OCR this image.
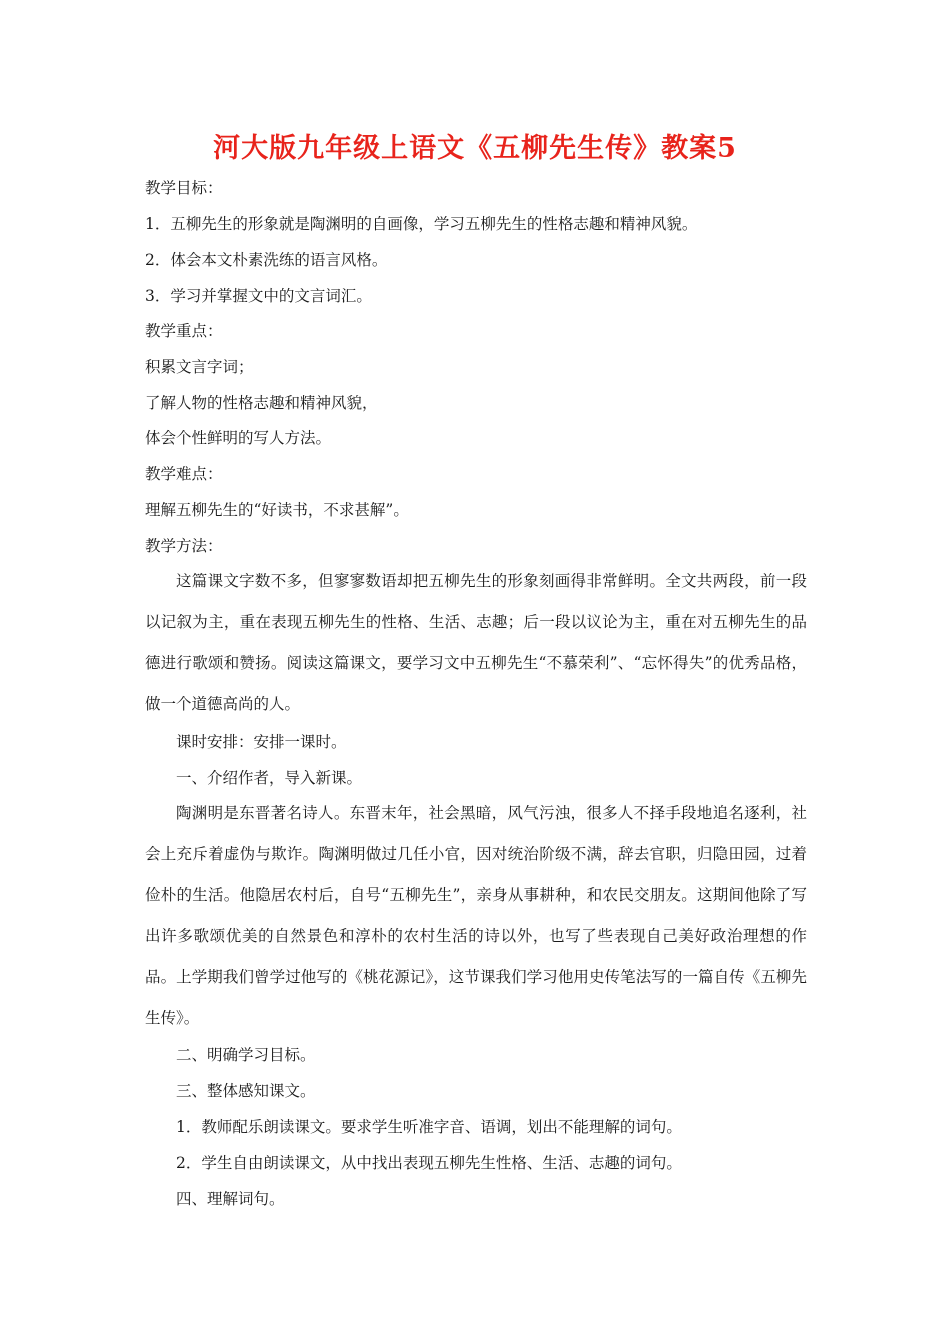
河大版九年级上语文《五柳先生传》教案5
教学目标：
1．五柳先生的形象就是陶渊明的自画像，学习五柳先生的性格志趣和精神风貌。
2．体会本文朴素洗练的语言风格。
3．学习并掌握文中的文言词汇。
教学重点：
积累文言字词；
了解人物的性格志趣和精神风貌，
体会个性鲜明的写人方法。
教学难点：
理解五柳先生的“好读书，不求甚解”。
教学方法：
这篇课文字数不多，但寥寥数语却把五柳先生的形象刻画得非常鲜明。全文共两段，前一段以记叙为主，重在表现五柳先生的性格、生活、志趣；后一段以议论为主，重在对五柳先生的品德进行歌颂和赞扬。阅读这篇课文，要学习文中五柳先生“不慕荣利”、“忘怀得失”的优秀品格，做一个道德高尚的人。
课时安排：安排一课时。
一、介绍作者，导入新课。
陶渊明是东晋著名诗人。东晋末年，社会黑暗，风气污浊，很多人不择手段地追名逐利，社会上充斥着虚伪与欺诈。陶渊明做过几任小官，因对统治阶级不满，辞去官职，归隐田园，过着俭朴的生活。他隐居农村后，自号“五柳先生”，亲身从事耕种，和农民交朋友。这期间他除了写出许多歌颂优美的自然景色和淳朴的农村生活的诗以外，也写了些表现自己美好政治理想的作品。上学期我们曾学过他写的《桃花源记》，这节课我们学习他用史传笔法写的一篇自传《五柳先生传》。
二、明确学习目标。
三、整体感知课文。
1．教师配乐朗读课文。要求学生听准字音、语调，划出不能理解的词句。
2．学生自由朗读课文，从中找出表现五柳先生性格、生活、志趣的词句。
四、理解词句。
